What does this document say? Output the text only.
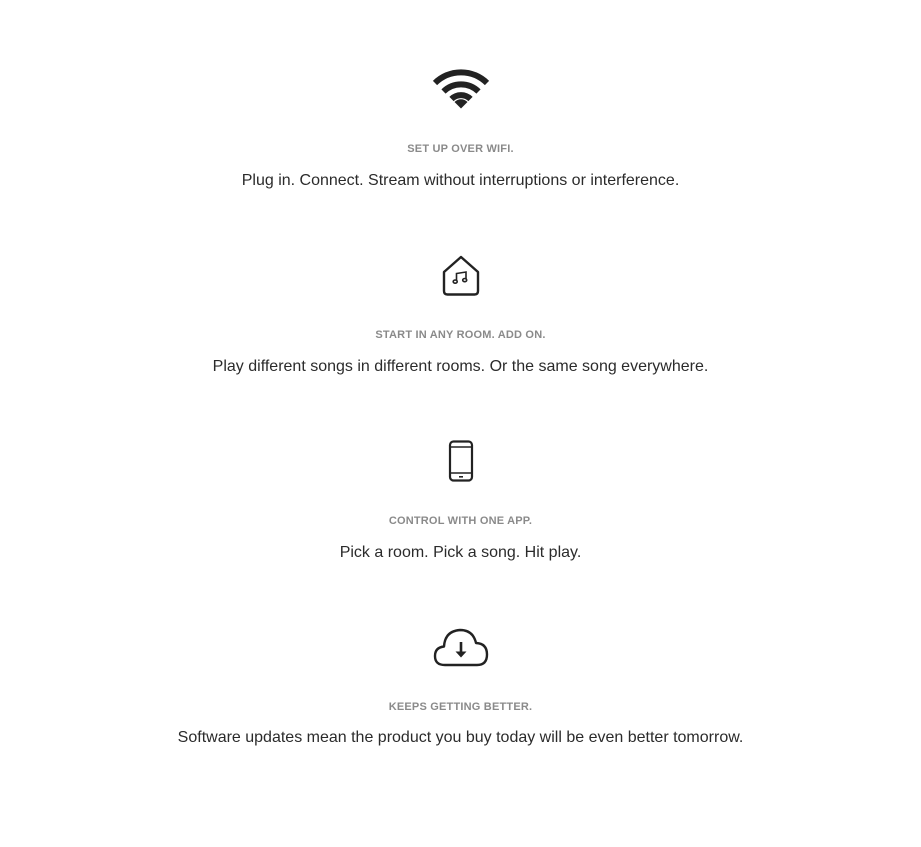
SET UP OVER WIFI.
Plug in. Connect. Stream without interruptions or interference.
START IN ANY ROOM. ADD ON.
Play different songs in different rooms. Or the same song everywhere.
CONTROL WITH ONE APP.
Pick a room. Pick a song. Hit play.
KEEPS GETTING BETTER.
Software updates mean the product you buy today will be even better tomorrow.
